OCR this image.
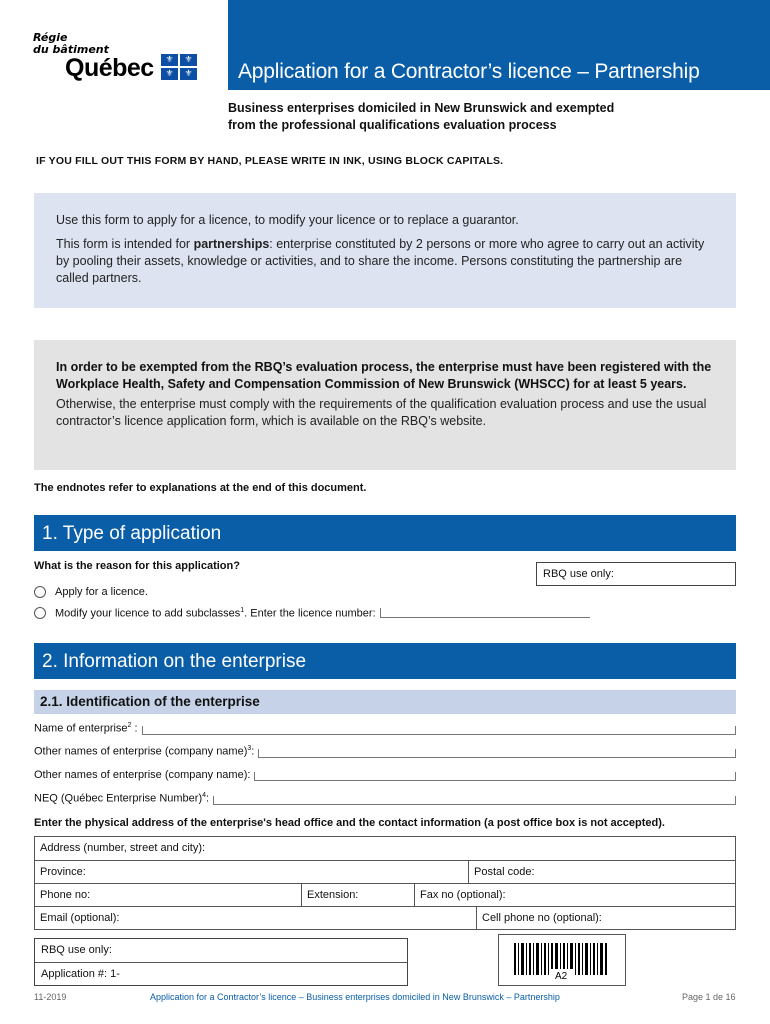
Régie
du bâtiment
Québec	⚜	⚜
⚜	⚜ Application for a Contractor’s licence – Partnership
Business enterprises domiciled in New Brunswick and exempted
from the professional qualifications evaluation process
IF YOU FILL OUT THIS FORM BY HAND, PLEASE WRITE IN INK, USING BLOCK CAPITALS.

Use this form to apply for a licence, to modify your licence or to replace a guarantor.

This form is intended for partnerships: enterprise constituted by 2 persons or more who agree to carry out an activity by pooling their assets, knowledge or activities, and to share the income. Persons constituting the partnership are called partners.

In order to be exempted from the RBQ’s evaluation process, the enterprise must have been registered with the Workplace Health, Safety and Compensation Commission of New Brunswick (WHSCC) for at least 5 years.

Otherwise, the enterprise must comply with the requirements of the qualification evaluation process and use the usual contractor’s licence application form, which is available on the RBQ’s website.

The endnotes refer to explanations at the end of this document.
1. Type of application
What is the reason for this application?
RBQ use only:
Apply for a licence.
Modify your licence to add subclasses$^1$. Enter the licence number:
2. Information on the enterprise
2.1. Identification of the enterprise
Name of enterprise$^2$ :
Other names of enterprise (company name)$^3$:
Other names of enterprise (company name):
NEQ (Québec Enterprise Number)$^4$:
Enter the physical address of the enterprise's head office and the contact information (a post office box is not accepted).
Address (number, street and city):
Province:	Postal code:
Phone no:	Extension:	Fax no (optional):
Email (optional):	Cell phone no (optional):
RBQ use only:
Application #: 1-	A2
11-2019	Application for a Contractor’s licence – Business enterprises domiciled in New Brunswick – Partnership	Page 1 de 16
